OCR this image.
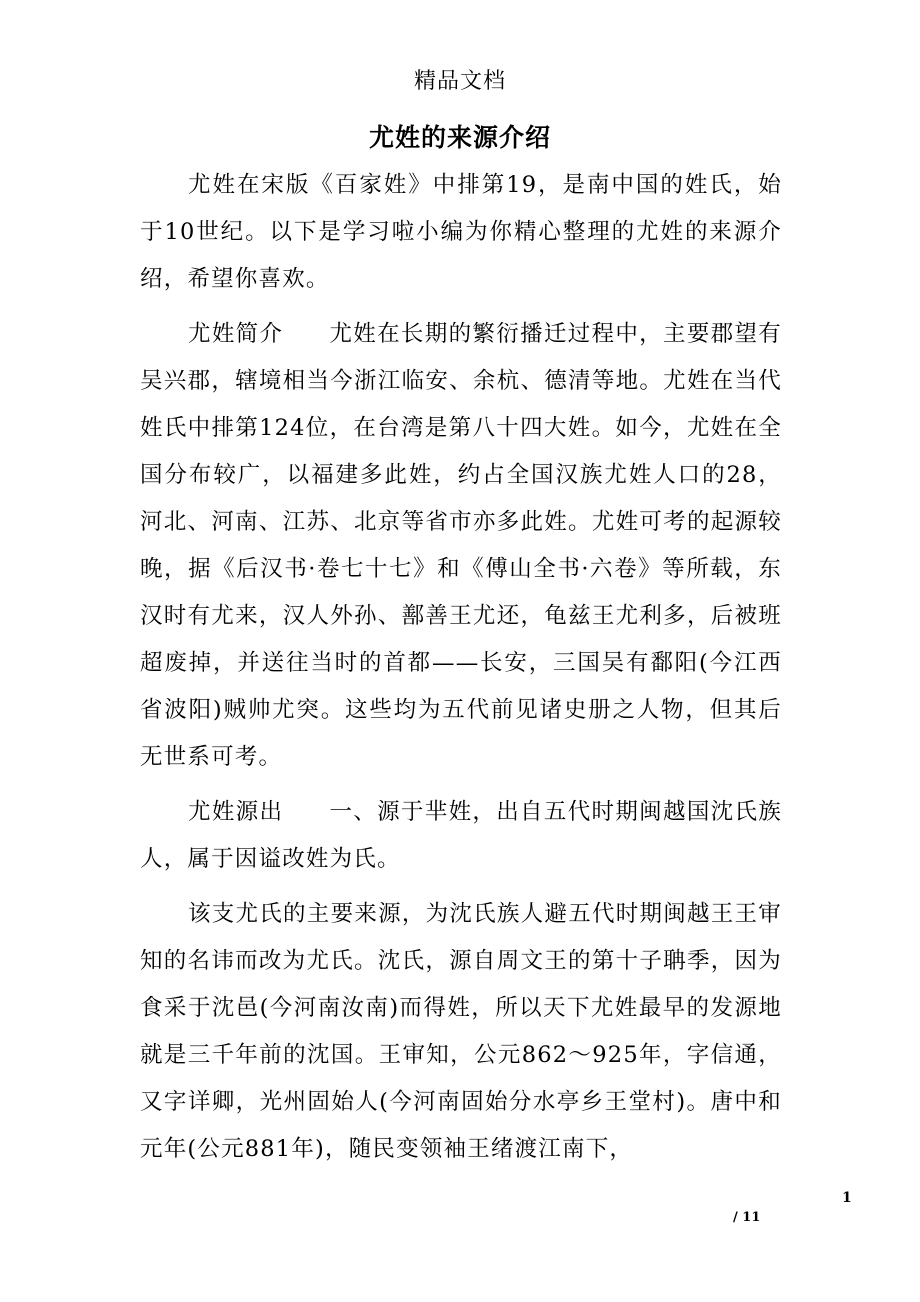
精品文档
尤姓的来源介绍

尤姓在宋版《百家姓》中排第19，是南中国的姓氏，始于10世纪。以下是学习啦小编为你精心整理的尤姓的来源介绍，希望你喜欢。

尤姓简介 尤姓在长期的繁衍播迁过程中，主要郡望有吴兴郡，辖境相当今浙江临安、余杭、德清等地。尤姓在当代姓氏中排第124位，在台湾是第八十四大姓。如今，尤姓在全国分布较广，以福建多此姓，约占全国汉族尤姓人口的28，河北、河南、江苏、北京等省市亦多此姓。尤姓可考的起源较晚，据《后汉书·卷七十七》和《傅山全书·六卷》等所载，东汉时有尤来，汉人外孙、鄯善王尤还，龟兹王尤利多，后被班超废掉，并送往当时的首都——长安，三国吴有鄱阳(今江西省波阳)贼帅尤突。这些均为五代前见诸史册之人物，但其后无世系可考。

尤姓源出 一、源于芈姓，出自五代时期闽越国沈氏族人，属于因谥改姓为氏。

该支尤氏的主要来源，为沈氏族人避五代时期闽越王王审知的名讳而改为尤氏。沈氏，源自周文王的第十子聃季，因为食采于沈邑(今河南汝南)而得姓，所以天下尤姓最早的发源地就是三千年前的沈国。王审知，公元862～925年，字信通，又字详卿，光州固始人(今河南固始分水亭乡王堂村)。唐中和元年(公元881年)，随民变领袖王绪渡江南下，

1
/ 11
